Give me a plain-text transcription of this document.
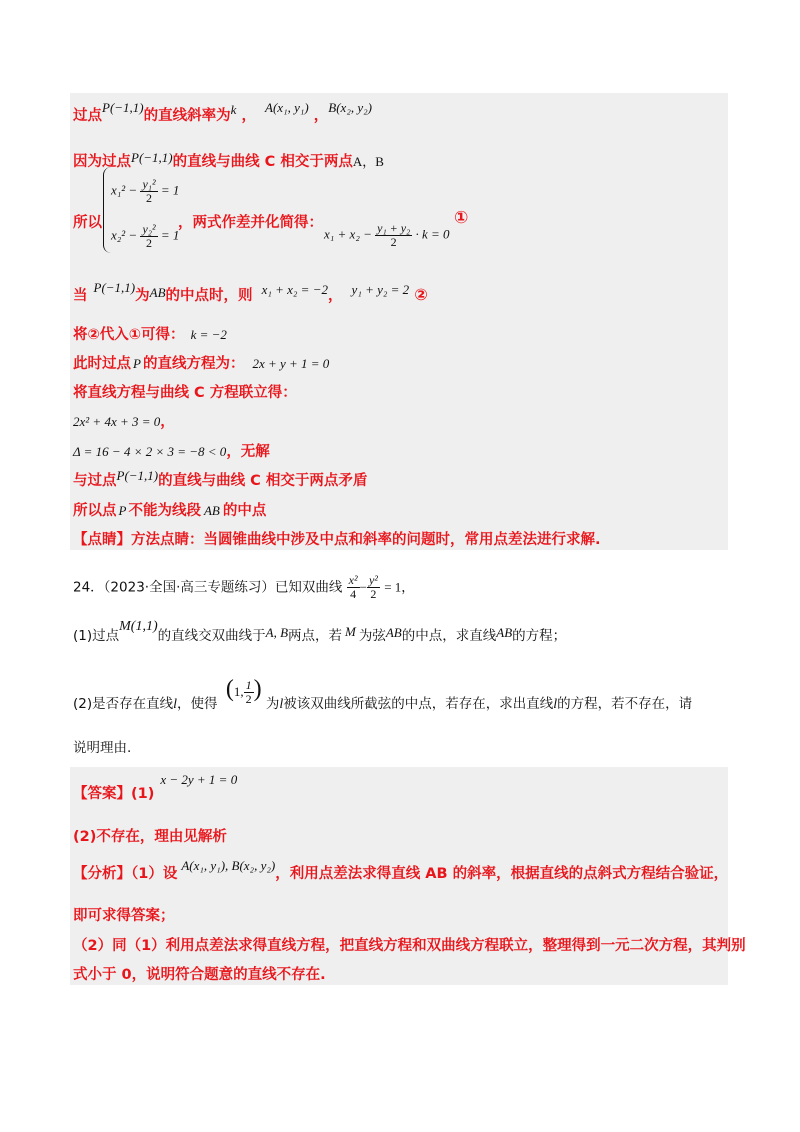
过点P(−1,1)的直线斜率为k ， A(x₁, y₁) ，B(x₂, y₂)
因为过点P(−1,1)的直线与曲线 C 相交于两点A，B
所以
$x_1^2 - \frac{\text{y₁²}}{2} = 1$
$x_2^2 - \frac{\text{y₂²}}{2} = 1$
，两式作差并化简得：
$x_1 + x_2 - \frac{\text{y₁ + y₂}}{2} \cdot k = 0$
①
当P(−1,1)为AB的中点时，则 x₁ + x₂ = −2， y₁ + y₂ = 2 ②
将②代入①可得： k = −2
此时过点 P 的直线方程为： 2x + y + 1 = 0
将直线方程与曲线 C 方程联立得：
2x² + 4x + 3 = 0，
Δ = 16 − 4 × 2 × 3 = −8 < 0，无解
与过点P(−1,1)的直线与曲线 C 相交于两点矛盾
所以点 P 不能为线段 AB 的中点
【点睛】方法点睛：当圆锥曲线中涉及中点和斜率的问题时，常用点差法进行求解.
24．（2023·全国·高三专题练习）已知双曲线 $\frac{\text{x²}}{4} - \frac{\text{y²}}{2} = 1$，
(1)过点M(1,1)的直线交双曲线于A, B两点，若 M 为弦AB的中点，求直线AB的方程；
(2)是否存在直线l，使得 (1, $\frac{1}{2}$ ) 为l被该双曲线所截弦的中点，若存在，求出直线l的方程，若不存在，请
说明理由.
【答案】(1)x − 2y + 1 = 0
(2)不存在，理由见解析
【分析】（1）设A(x₁, y₁), B(x₂, y₂)，利用点差法求得直线 AB 的斜率，根据直线的点斜式方程结合验证，
即可求得答案；
（2）同（1）利用点差法求得直线方程，把直线方程和双曲线方程联立，整理得到一元二次方程，其判别
式小于 0，说明符合题意的直线不存在.
